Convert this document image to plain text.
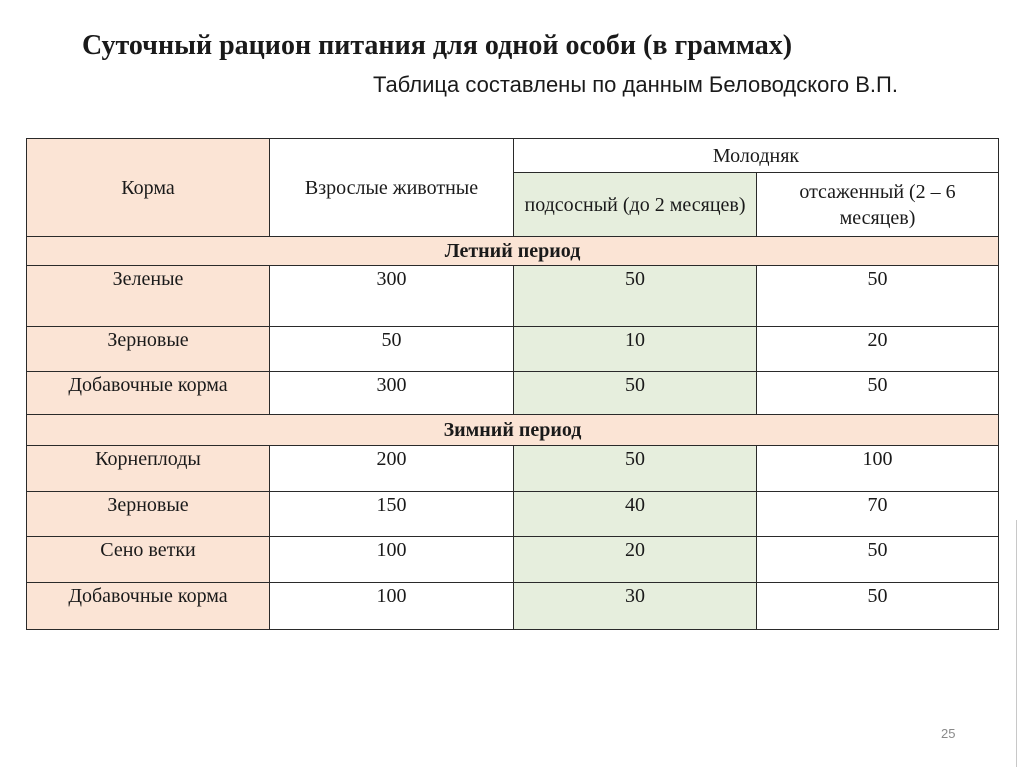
Суточный рацион питания для одной особи (в граммах)
Таблица составлены по данным Беловодского В.П.
Корма	Взрослые животные	Молодняк	
		подсосный (до 2 месяцев)	отсаженный (2 – 6 месяцев)
Летний период			
Зеленые	300	50	50
Зерновые	50	10	20
Добавочные корма	300	50	50
Зимний период			
Корнеплоды	200	50	100
Зерновые	150	40	70
Сено ветки	100	20	50
Добавочные корма	100	30	50
25
